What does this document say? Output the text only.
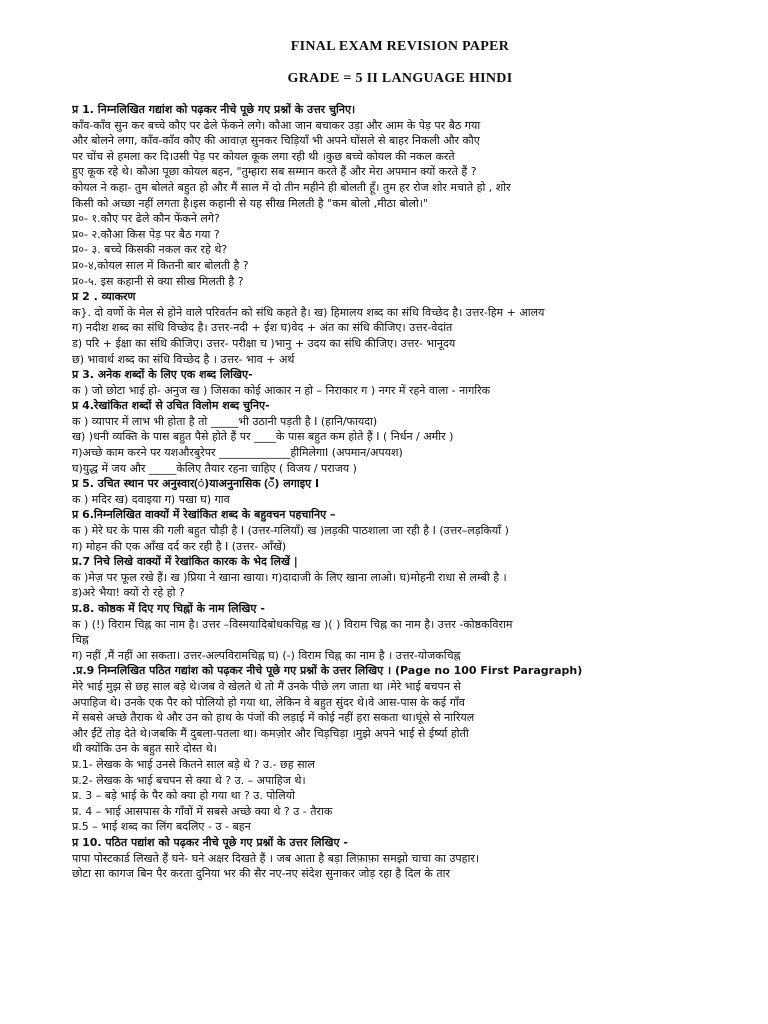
FINAL EXAM REVISION PAPER
GRADE = 5 II LANGUAGE HINDI
प्र 1. निम्नलिखित गद्यांश को पढ़कर नीचे पूछे गए प्रश्नों के उत्तर चुनिए।
काँव-काँव सुन कर बच्चे कौए पर ढेले फेंकने लगे। कौआ जान बचाकर उड़ा और आम के पेड़ पर बैठ गया
और बोलने लगा, काँव-काँव कौए की आवाज़ सुनकर चिड़ियाँ भी अपने घोंसले से बाहर निकली और कौए
पर चोंच से हमला कर दि।उसी पेड़ पर कोयल कूक लगा रही थी ।कुछ बच्चे कोयल की नकल करते
हुए कूक रहे थे। कौआ पूछा कोयल बहन, "तुम्हारा सब सम्मान करते हैं और मेरा अपमान क्यों करते हैं ?
कोयल ने कहा- तुम बोलते बहुत हो और मैं साल में दो तीन महीने ही बोलती हूँ। तुम हर रोज शोर मचाते हो , शोर
किसी को अच्छा नहीं लगता है।इस कहानी से यह सीख मिलती है "कम बोलो ,मीठा बोलो।"
प्र०- १.कौए पर ढेले कौन फेंकने लगे?
प्र०- २.कौआ किस पेड़ पर बैठ गया ?
प्र०- ३. बच्चे किसकी नकल कर रहे थे?
प्र०-४,कोयल साल में कितनी बार बोलती है ?
प्र०-५. इस कहानी से क्या सीख मिलती है ?
प्र 2 . व्याकरण
क}. दो वर्णो के मेल से होने वाले परिवर्तन को संधि कहते है। ख) हिमालय शब्द का संधि विच्छेद है। उत्तर-हिम + आलय
ग) नदीश शब्द का संधि विच्छेद है। उत्तर-नदी + ईश घ)वेद + अंत का संधि कीजिए। उत्तर-वेदांत
ड) परि + ईक्षा का संधि कीजिए। उत्तर- परीक्षा च )भानु + उदय का संधि कीजिए। उत्तर- भानूदय
छ) भावार्थ शब्द का संधि विच्छेद है । उत्तर- भाव + अर्थ
प्र 3. अनेक शब्दों के लिए एक शब्द लिखिए-
क ) जो छोटा भाई हो- अनुज ख ) जिसका कोई आकार न हो – निराकार ग ) नगर में रहने वाला - नागरिक
प्र 4.रेखांकित शब्दों से उचित विलोम शब्द चुनिए-
क ) व्यापार में लाभ भी होता है तो _____भी उठानी पड़ती है I (हानि/फायदा)
ख) )धनी व्यक्ति के पास बहुत पैसे होते हैं पर ____के पास बहुत कम होते हैं I ( निर्धन / अमीर )
ग)अच्छे काम करने पर यशऔरबुरेपर _____________हीमिलेगाI (अपमान/अपयश)
घ)युद्ध में जय और _____केलिए तैयार रहना चाहिए ( विजय / पराजय )
प्र 5. उचित स्थान पर अनुस्वार(ं)याअनुनासिक (ँ) लगाइए I
क ) मदिर ख) दवाइया ग) पखा घ) गाव
प्र 6.निम्नलिखित वाक्यों में रेखांकित शब्द के बहुवचन पहचानिए –
क ) मेरे घर के पास की गली बहुत चौड़ी है I (उत्तर-गलियाँ) ख )लड़की पाठशाला जा रही है I (उत्तर–लड़कियाँ )
ग) मोहन की एक आँख दर्द कर रही है I (उत्तर- आँखें)
प्र.7 निचे लिखे वाक्यों में रेखांकित कारक के भेद लिखें |
क )मेज़ पर फूल रखे हैं। ख )प्रिया ने खाना खाया। ग)दादाजी के लिए खाना लाओ। घ)मोहनी राधा से लम्बी है ।
ड)अरे भैया! क्यों रो रहे हो ?
प्र.8. कोष्ठक में दिए गए चिह्नों के नाम लिखिए -
क ) (!) विराम चिह्न का नाम है। उत्तर –विस्मयादिबोधकचिह्न ख )( ) विराम चिह्न का नाम है। उत्तर -कोष्ठकविराम
चिह्न
ग) नहीं ,मैं नहीं आ सकता। उत्तर-अल्पविरामचिह्न घ) (-) विराम चिह्न का नाम है । उत्तर-योजकचिह्न
.प्र.9 निम्नलिखित पठित गद्यांश को पढ़कर नीचे पूछे गए प्रश्नों के उत्तर लिखिए । (Page no 100 First Paragraph)
मेरे भाई मुझ से छह साल बड़े थे।जब वे खेलते थे तो मैं उनके पीछे लग जाता था ।मेरे भाई बचपन से
अपाहिज थे। उनके एक पैर को पोलियो हो गया था, लेकिन वे बहुत सुंदर थे।वे आस-पास के कई गाँव
में सबसे अच्छे तैराक थे और उन को हाथ के पंजों की लड़ाई में कोई नहीं हरा सकता था।घूंसे से नारियल
और ईंटें तोड़ देते थे।जबकि मैं दुबला-पतला था। कमज़ोर और चिड़चिड़ा ।मुझे अपने भाई से ईर्ष्या होती
थी क्योंकि उन के बहुत सारे दोस्त थे।
प्र.1- लेखक के भाई उनसे कितने साल बड़े थे ? उ.- छह साल
प्र.2- लेखक के भाई बचपन से क्या थे ? उ. – अपाहिज थे।
प्र. 3 – बड़े भाई के पैर को क्या हो गया था ? उ. पोलियो
प्र. 4 – भाई आसपास के गाँवों में सबसे अच्छे क्या थे ? उ - तैराक
प्र.5 – भाई शब्द का लिंग बदलिए - उ - बहन
प्र 10. पठित पद्यांश को पढ़कर नीचे पूछे गए प्रश्नों के उत्तर लिखिए -
पापा पोस्टकार्ड लिखते हैं घने- घने अक्षर दिखते हैं । जब आता है बड़ा लिफ़ाफ़ा समझो चाचा का उपहार।
छोटा सा कागज बिन पैर करता दुनिया भर की सैर नए-नए संदेश सुनाकर जोड़ रहा है दिल के तार
